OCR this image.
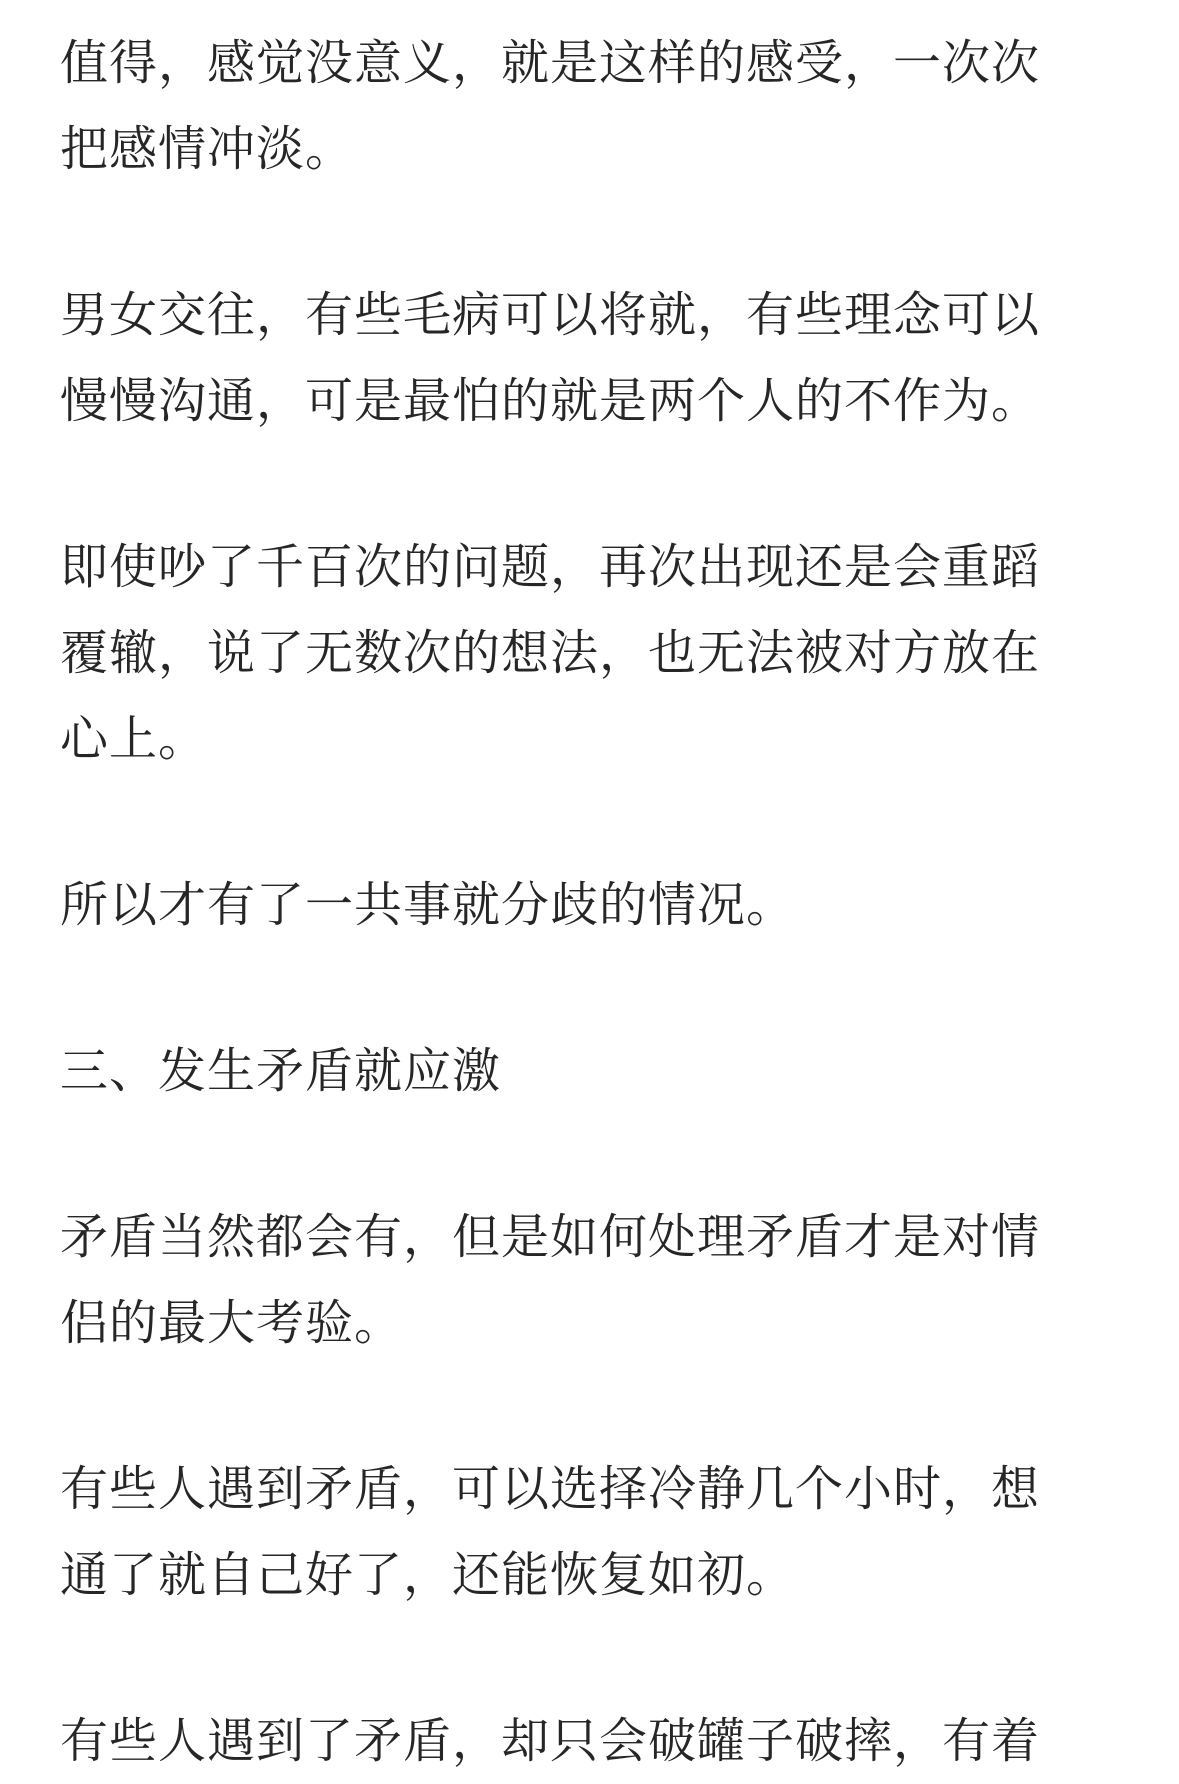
值得，感觉没意义，就是这样的感受，一次次
把感情冲淡。

男女交往，有些毛病可以将就，有些理念可以
慢慢沟通，可是最怕的就是两个人的不作为。

即使吵了千百次的问题，再次出现还是会重蹈
覆辙，说了无数次的想法，也无法被对方放在
心上。

所以才有了一共事就分歧的情况。

三、发生矛盾就应激

矛盾当然都会有，但是如何处理矛盾才是对情
侣的最大考验。

有些人遇到矛盾，可以选择冷静几个小时，想
通了就自己好了，还能恢复如初。

有些人遇到了矛盾，却只会破罐子破摔，有着
